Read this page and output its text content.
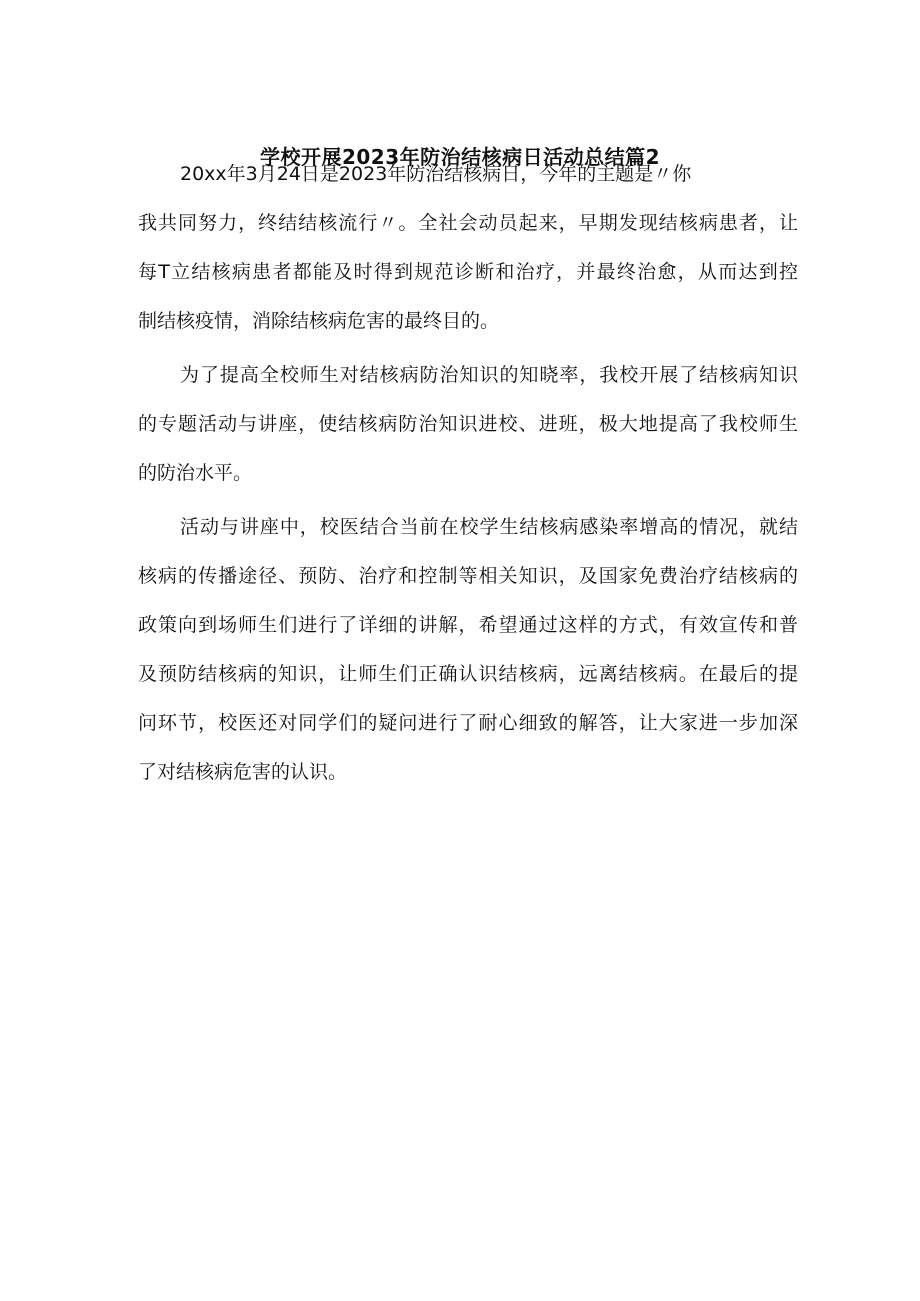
学校开展2023年防治结核病日活动总结篇2
20xx年3月24日是2023年防治结核病日，今年的主题是〃你
我共同努力，终结结核流行〃。全社会动员起来，早期发现结核病患者，让
每T立结核病患者都能及时得到规范诊断和治疗，并最终治愈，从而达到控
制结核疫情，消除结核病危害的最终目的。
为了提高全校师生对结核病防治知识的知晓率，我校开展了结核病知识
的专题活动与讲座，使结核病防治知识进校、进班，极大地提高了我校师生
的防治水平。
活动与讲座中，校医结合当前在校学生结核病感染率增高的情况，就结
核病的传播途径、预防、治疗和控制等相关知识，及国家免费治疗结核病的
政策向到场师生们进行了详细的讲解，希望通过这样的方式，有效宣传和普
及预防结核病的知识，让师生们正确认识结核病，远离结核病。在最后的提
问环节，校医还对同学们的疑问进行了耐心细致的解答，让大家进一步加深
了对结核病危害的认识。
